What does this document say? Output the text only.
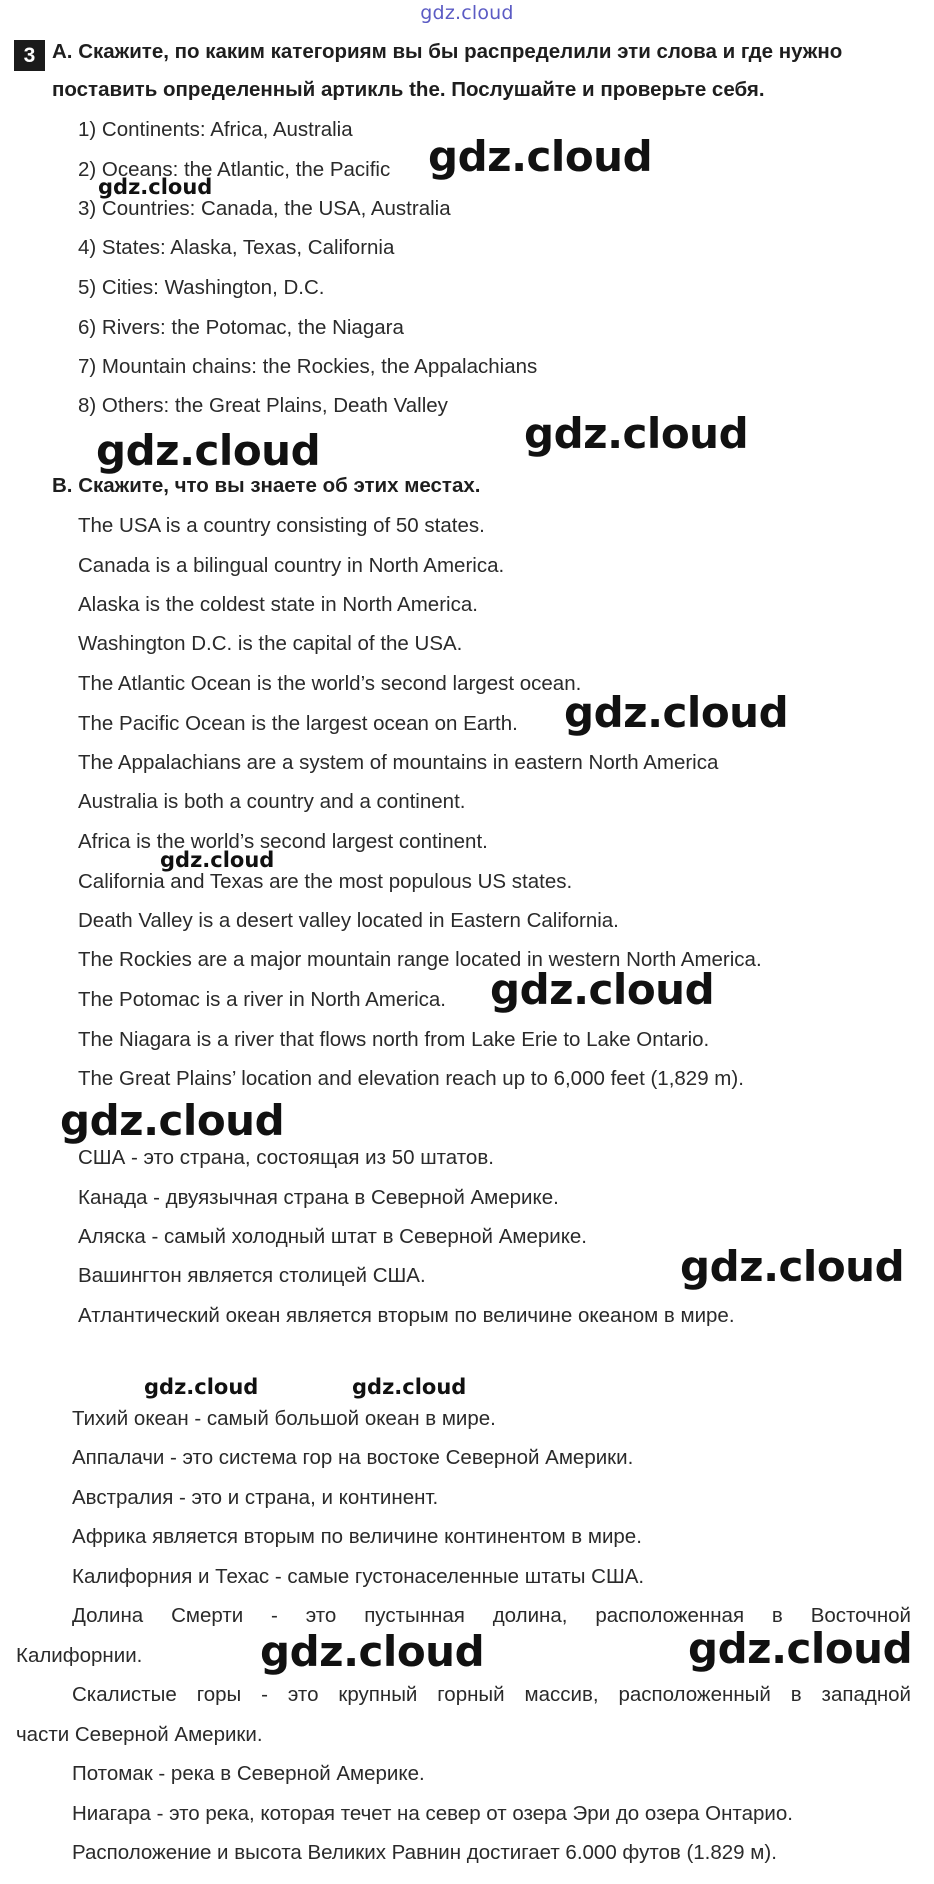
gdz.cloud
3 A. Скажите, по каким категориям вы бы распределили эти слова и где нужно
поставить определенный артикль the. Послушайте и проверьте себя.
1) Continents: Africa, Australia
2) Oceans: the Atlantic, the Pacific
3) Countries: Canada, the USA, Australia
4) States: Alaska, Texas, California
5) Cities: Washington, D.C.
6) Rivers: the Potomac, the Niagara
7) Mountain chains: the Rockies, the Appalachians
8) Others: the Great Plains, Death Valley
B. Скажите, что вы знаете об этих местах.
The USA is a country consisting of 50 states.
Canada is a bilingual country in North America.
Alaska is the coldest state in North America.
Washington D.C. is the capital of the USA.
The Atlantic Ocean is the world’s second largest ocean.
The Pacific Ocean is the largest ocean on Earth.
The Appalachians are a system of mountains in eastern North America
Australia is both a country and a continent.
Africa is the world’s second largest continent.
California and Texas are the most populous US states.
Death Valley is a desert valley located in Eastern California.
The Rockies are a major mountain range located in western North America.
The Potomac is a river in North America.
The Niagara is a river that flows north from Lake Erie to Lake Ontario.
The Great Plains’ location and elevation reach up to 6,000 feet (1,829 m).
США - это страна, состоящая из 50 штатов.
Канада - двуязычная страна в Северной Америке.
Аляска - самый холодный штат в Северной Америке.
Вашингтон является столицей США.
Атлантический океан является вторым по величине океаном в мире.
Тихий океан - самый большой океан в мире.
Аппалачи - это система гор на востоке Северной Америки.
Австралия - это и страна, и континент.
Африка является вторым по величине континентом в мире.
Калифорния и Техас - самые густонаселенные штаты США.
Долина Смерти - это пустынная долина, расположенная в Восточной
Калифорнии.
Скалистые горы - это крупный горный массив, расположенный в западной
части Северной Америки.
Потомак - река в Северной Америке.
Ниагара - это река, которая течет на север от озера Эри до озера Онтарио.
Расположение и высота Великих Равнин достигает 6.000 футов (1.829 м).
gdz.cloud
gdz.cloud
gdz.cloud
gdz.cloud
gdz.cloud
gdz.cloud
gdz.cloud
gdz.cloud
gdz.cloud
gdz.cloud	gdz.cloud
gdz.cloud	gdz.cloud
